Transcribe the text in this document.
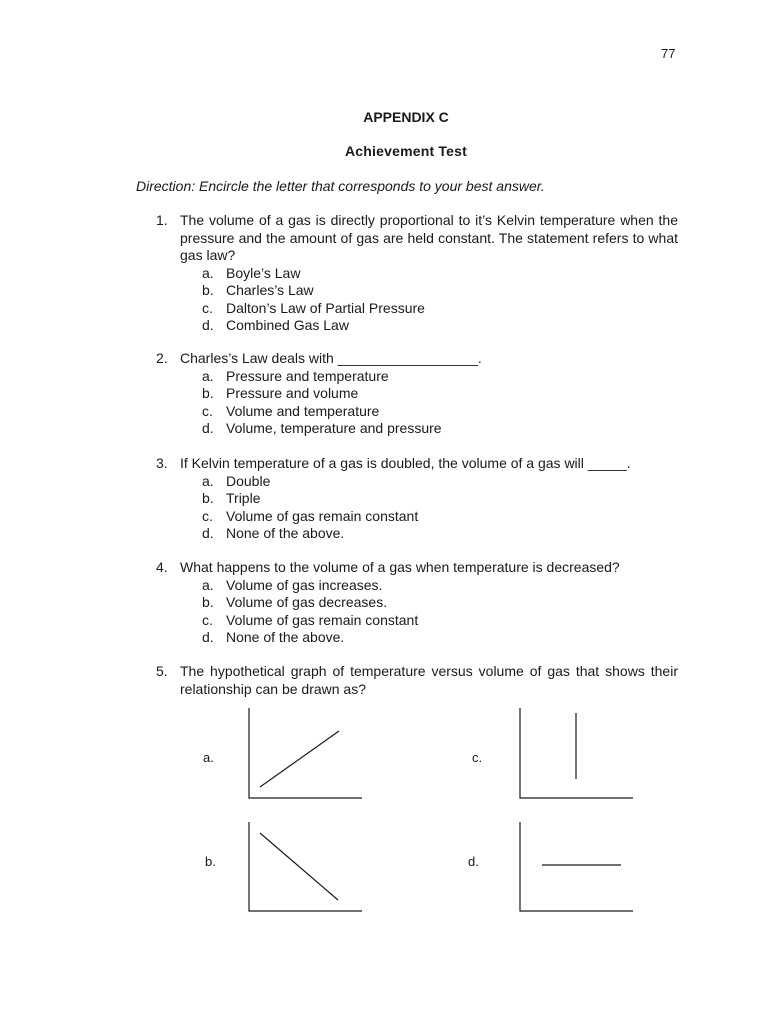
77
APPENDIX C
Achievement Test
Direction: Encircle the letter that corresponds to your best answer.
1. The volume of a gas is directly proportional to it’s Kelvin temperature when the pressure and the amount of gas are held constant. The statement refers to what gas law?
a. Boyle’s Law
b. Charles’s Law
c. Dalton’s Law of Partial Pressure
d. Combined Gas Law
2. Charles’s Law deals with __________________.
a. Pressure and temperature
b. Pressure and volume
c. Volume and temperature
d. Volume, temperature and pressure
3. If Kelvin temperature of a gas is doubled, the volume of a gas will _____.
a. Double
b. Triple
c. Volume of gas remain constant
d. None of the above.
4. What happens to the volume of a gas when temperature is decreased?
a. Volume of gas increases.
b. Volume of gas decreases.
c. Volume of gas remain constant
d. None of the above.
5. The hypothetical graph of temperature versus volume of gas that shows their relationship can be drawn as?
a.
b.
c.
d.
